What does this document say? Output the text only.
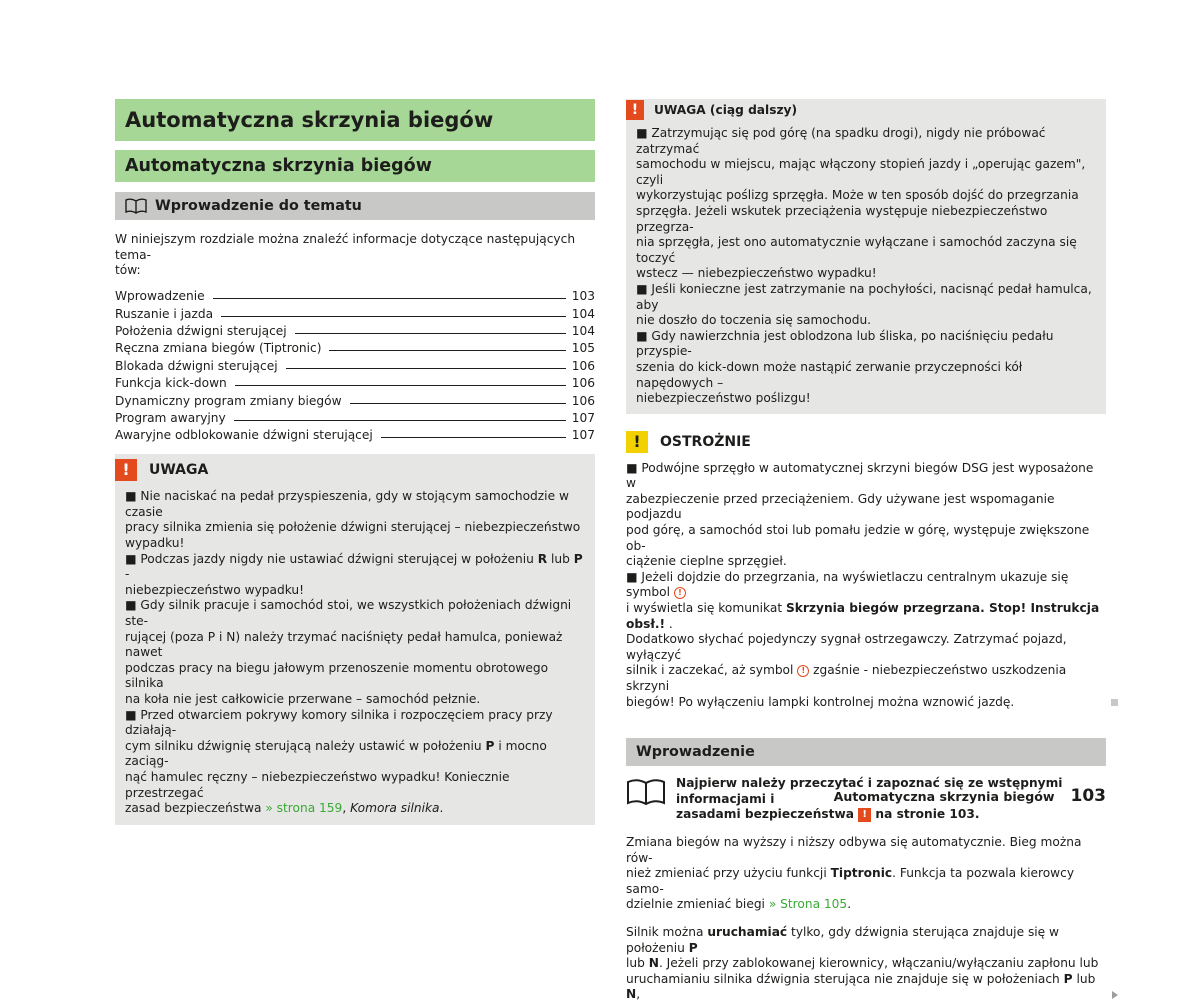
Automatyczna skrzynia biegów
Automatyczna skrzynia biegów
Wprowadzenie do tematu

W niniejszym rozdziale można znaleźć informacje dotyczące następujących tema-

tów:

Wprowadzenie	103
Ruszanie i jazda	104
Położenia dźwigni sterującej	104
Ręczna zmiana biegów (Tiptronic)	105
Blokada dźwigni sterującej	106
Funkcja kick-down	106
Dynamiczny program zmiany biegów	106
Program awaryjny	107
Awaryjne odblokowanie dźwigni sterującej	107
!	UWAGA

■ Nie naciskać na pedał przyspieszenia, gdy w stojącym samochodzie w czasie

pracy silnika zmienia się położenie dźwigni sterującej – niebezpieczeństwo

wypadku!

■ Podczas jazdy nigdy nie ustawiać dźwigni sterującej w położeniu R lub P -

niebezpieczeństwo wypadku!

■ Gdy silnik pracuje i samochód stoi, we wszystkich położeniach dźwigni ste-

rującej (poza P i N) należy trzymać naciśnięty pedał hamulca, ponieważ nawet

podczas pracy na biegu jałowym przenoszenie momentu obrotowego silnika

na koła nie jest całkowicie przerwane – samochód pełznie.

■ Przed otwarciem pokrywy komory silnika i rozpoczęciem pracy przy działają-

cym silniku dźwignię sterującą należy ustawić w położeniu P i mocno zaciąg-

nąć hamulec ręczny – niebezpieczeństwo wypadku! Koniecznie przestrzegać

zasad bezpieczeństwa » strona 159, Komora silnika.

!	UWAGA (ciąg dalszy)

■ Zatrzymując się pod górę (na spadku drogi), nigdy nie próbować zatrzymać

samochodu w miejscu, mając włączony stopień jazdy i „operując gazem", czyli

wykorzystując poślizg sprzęgła. Może w ten sposób dojść do przegrzania

sprzęgła. Jeżeli wskutek przeciążenia występuje niebezpieczeństwo przegrza-

nia sprzęgła, jest ono automatycznie wyłączane i samochód zaczyna się toczyć

wstecz — niebezpieczeństwo wypadku!

■ Jeśli konieczne jest zatrzymanie na pochyłości, nacisnąć pedał hamulca, aby

nie doszło do toczenia się samochodu.

■ Gdy nawierzchnia jest oblodzona lub śliska, po naciśnięciu pedału przyspie-

szenia do kick-down może nastąpić zerwanie przyczepności kół napędowych –

niebezpieczeństwo poślizgu!

!	OSTROŻNIE

■ Podwójne sprzęgło w automatycznej skrzyni biegów DSG jest wyposażone w

zabezpieczenie przed przeciążeniem. Gdy używane jest wspomaganie podjazdu

pod górę, a samochód stoi lub pomału jedzie w górę, występuje zwiększone ob-

ciążenie cieplne sprzęgieł.

■ Jeżeli dojdzie do przegrzania, na wyświetlaczu centralnym ukazuje się symbol !

i wyświetla się komunikat Skrzynia biegów przegrzana. Stop! Instrukcja obsł.! .

Dodatkowo słychać pojedynczy sygnał ostrzegawczy. Zatrzymać pojazd, wyłączyć

silnik i zaczekać, aż symbol ! zgaśnie - niebezpieczeństwo uszkodzenia skrzyni

biegów! Po wyłączeniu lampki kontrolnej można wznowić jazdę.

Wprowadzenie

Najpierw należy przeczytać i zapoznać się ze wstępnymi informacjami i

zasadami bezpieczeństwa ! na stronie 103.

Zmiana biegów na wyższy i niższy odbywa się automatycznie. Bieg można rów-

nież zmieniać przy użyciu funkcji Tiptronic. Funkcja ta pozwala kierowcy samo-

dzielnie zmieniać biegi » Strona 105.

Silnik można uruchamiać tylko, gdy dźwignia sterująca znajduje się w położeniu P

lub N. Jeżeli przy zablokowanej kierownicy, włączaniu/wyłączaniu zapłonu lub

uruchamianiu silnika dźwignia sterująca nie znajduje się w położeniach P lub N,

Automatyczna skrzynia biegów 103
